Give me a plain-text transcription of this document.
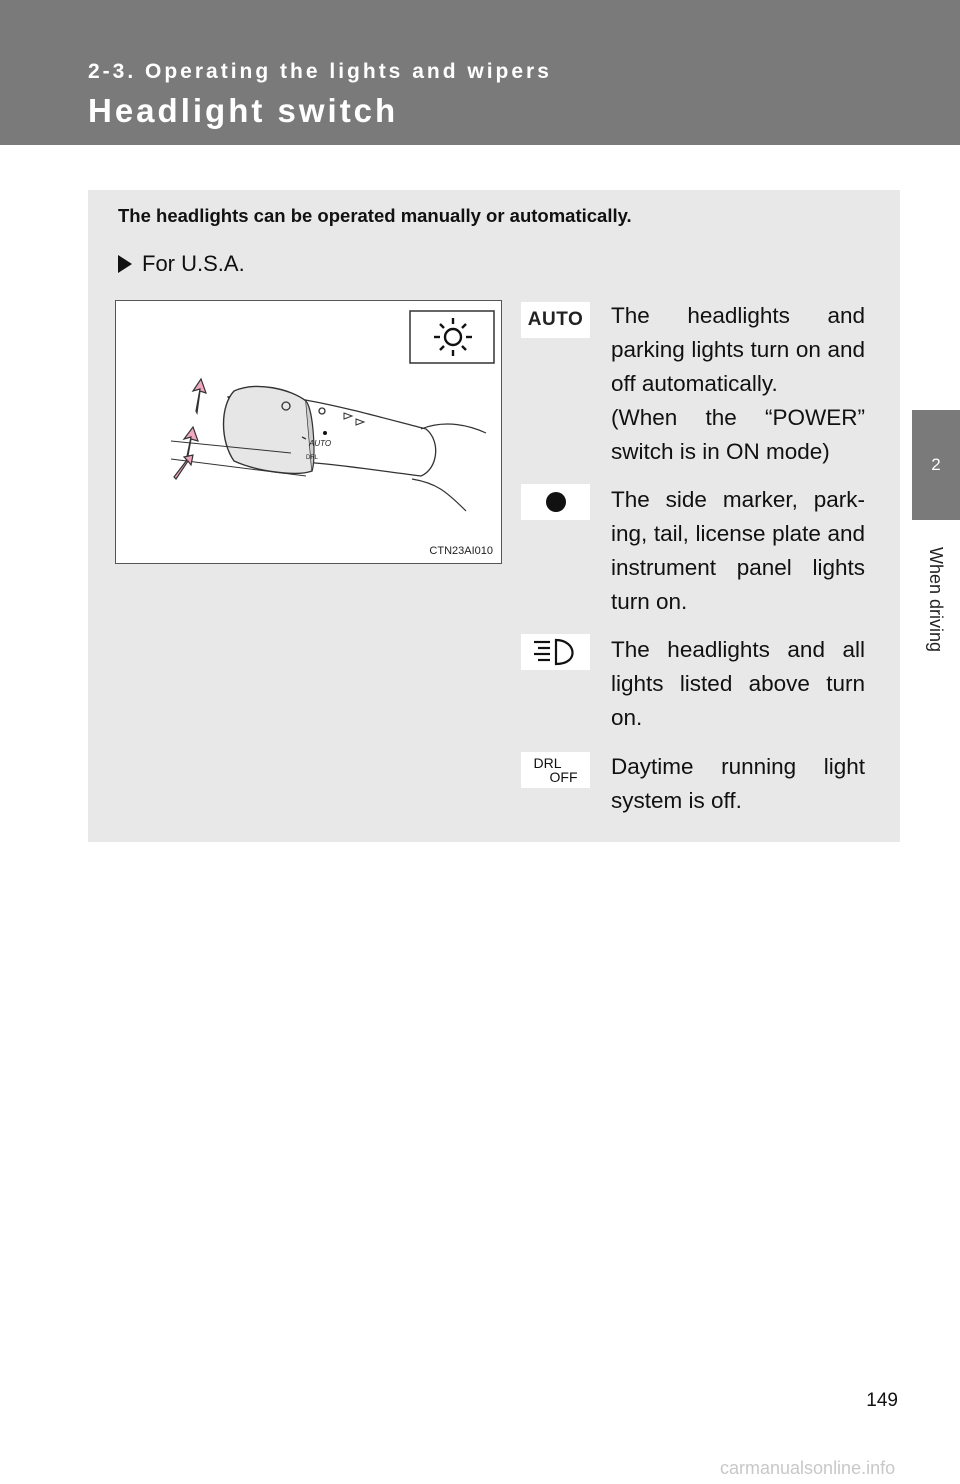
2-3. Operating the lights and wipers
Headlight switch
2
When driving
The headlights can be operated manually or automatically.
For U.S.A.
AUTO
DRL
CTN23AI010
AUTO The headlights and parking lights turn on and off automatically.
(When the “POWER” switch is in ON mode)
The side marker, park-ing, tail, license plate and instrument panel lights turn on.
The headlights and all lights listed above turn on.
DRL
OFF Daytime running light system is off.
149
carmanualsonline.info
